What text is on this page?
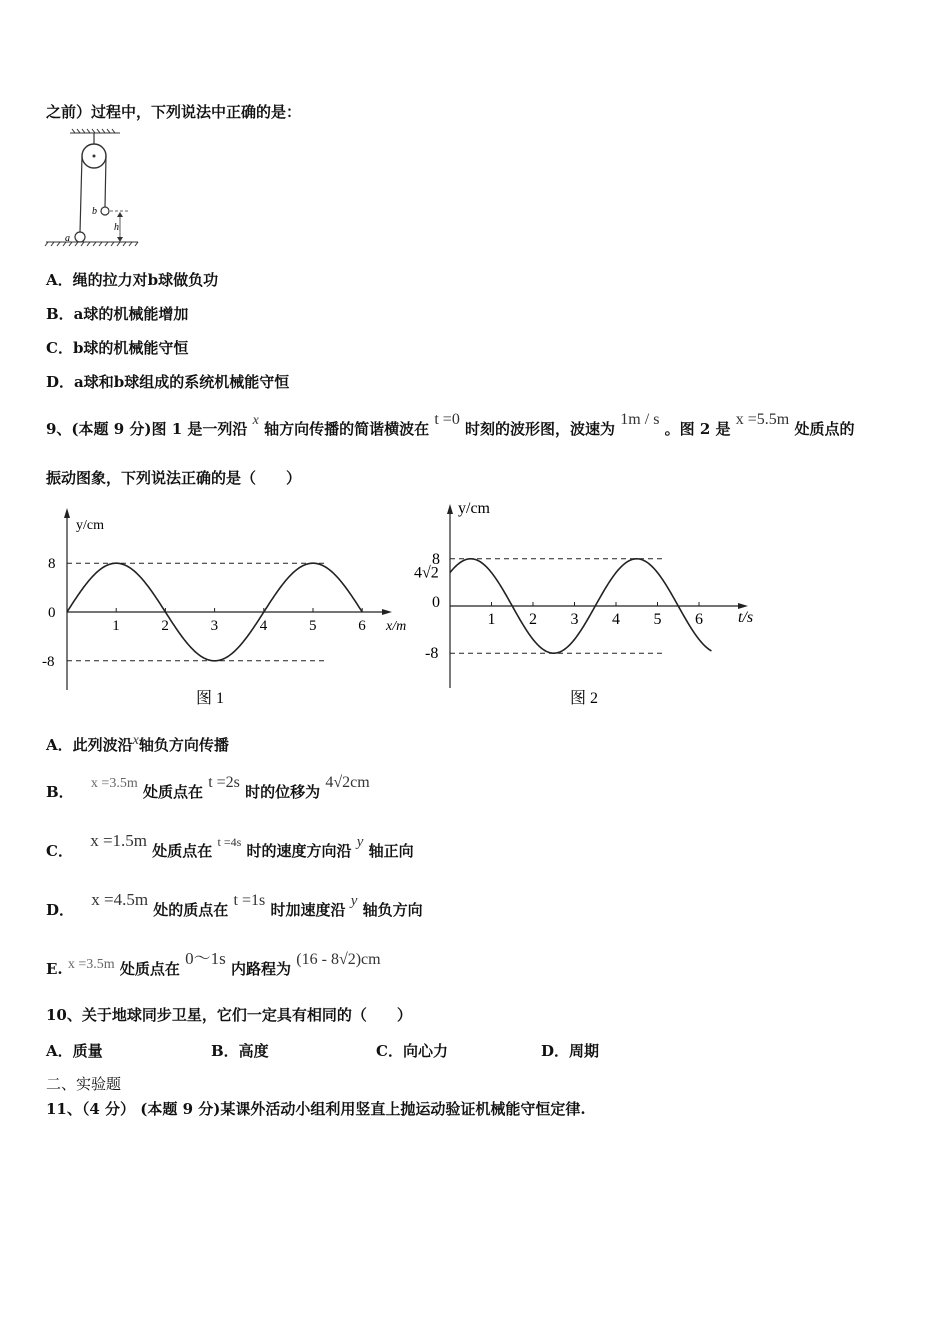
之前）过程中，下列说法中正确的是：
b
a
h
A．绳的拉力对b球做负功
B．a球的机械能增加
C．b球的机械能守恒
D．a球和b球组成的系统机械能守恒
9、(本题 9 分)图 1 是一列沿 x 轴方向传播的简谐横波在 t =0 时刻的波形图，波速为 1m / s 。图 2 是 x =5.5m 处质点的
振动图象，下列说法正确的是（　　）
1	2	3	4	5	6
8
0
-8
y/cm
x/m
图 1
1 2 3 4 5 6
8
4√2
0
-8
y/cm
t/s
图 2
A．此列波沿x轴负方向传播
B． x =3.5m 处质点在 t =2s 时的位移为 4√2cm
C． x =1.5m 处质点在 $^{t =4s}$ 时的速度方向沿 y 轴正向
D． x =4.5m 处的质点在 t =1s 时加速度沿 y 轴负方向
E. x =3.5m 处质点在 0～1s 内路程为 (16 - 8√2)cm
10、关于地球同步卫星，它们一定具有相同的（　　）
A．质量	B．高度	C．向心力	D．周期
二、实验题
11、（4 分） (本题 9 分)某课外活动小组利用竖直上抛运动验证机械能守恒定律.
